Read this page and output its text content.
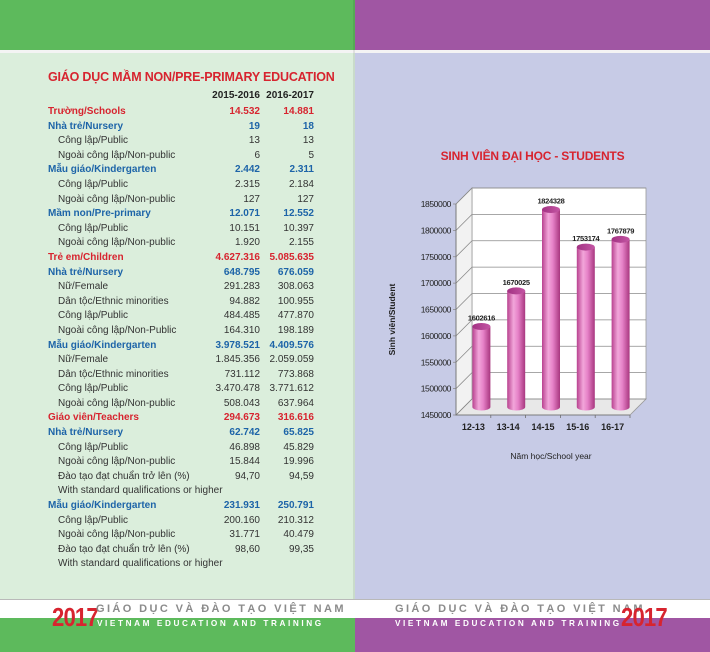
GIÁO DỤC MẦM NON/PRE-PRIMARY EDUCATION
2015-2016 2016-2017
Trường/Schools	14.532 14.881
Nhà trẻ/Nursery	19	18
Công lập/Public	13	13
Ngoài công lập/Non-public	6	5
Mẫu giáo/Kindergarten	2.442	2.311
Công lập/Public	2.315	2.184
Ngoài công lập/Non-public	127	127
Mầm non/Pre-primary	12.071 12.552
Công lập/Public	10.151 10.397
Ngoài công lập/Non-public	1.920	2.155
Trẻ em/Children	4.627.316 5.085.635
Nhà trẻ/Nursery	648.795 676.059
Nữ/Female	291.283 308.063
Dân tộc/Ethnic minorities	94.882 100.955
Công lập/Public	484.485 477.870
Ngoài công lập/Non-Public	164.310 198.189
Mẫu giáo/Kindergarten	3.978.521 4.409.576
Nữ/Female	1.845.356 2.059.059
Dân tộc/Ethnic minorities	731.112 773.868
Công lập/Public	3.470.478 3.771.612
Ngoài công lập/Non-public	508.043 637.964
Giáo viên/Teachers	294.673 316.616
Nhà trẻ/Nursery	62.742 65.825
Công lập/Public	46.898 45.829
Ngoài công lập/Non-public	15.844 19.996
Đào tạo đạt chuẩn trở lên (%)	94,70	94,59
With standard qualifications or higher
Mẫu giáo/Kindergarten	231.931 250.791
Công lập/Public	200.160 210.312
Ngoài công lập/Non-public	31.771 40.479
Đào tạo đạt chuẩn trở lên (%)	98,60	99,35
With standard qualifications or higher
2017
GIÁO DỤC VÀ ĐÀO TẠO VIỆT NAM
VIETNAM EDUCATION AND TRAINING
SINH VIÊN ĐẠI HỌC - STUDENTS
1450000
1500000
1550000
1600000
1650000
1700000
1750000
1800000
1850000
1602616
12-13
1670025
13-14
1824328
14-15
1753174
15-16
1767879
16-17
Năm học/School year
Sinh viên/Student
GIÁO DỤC VÀ ĐÀO TẠO VIỆT NAM
VIETNAM EDUCATION AND TRAINING 2017
